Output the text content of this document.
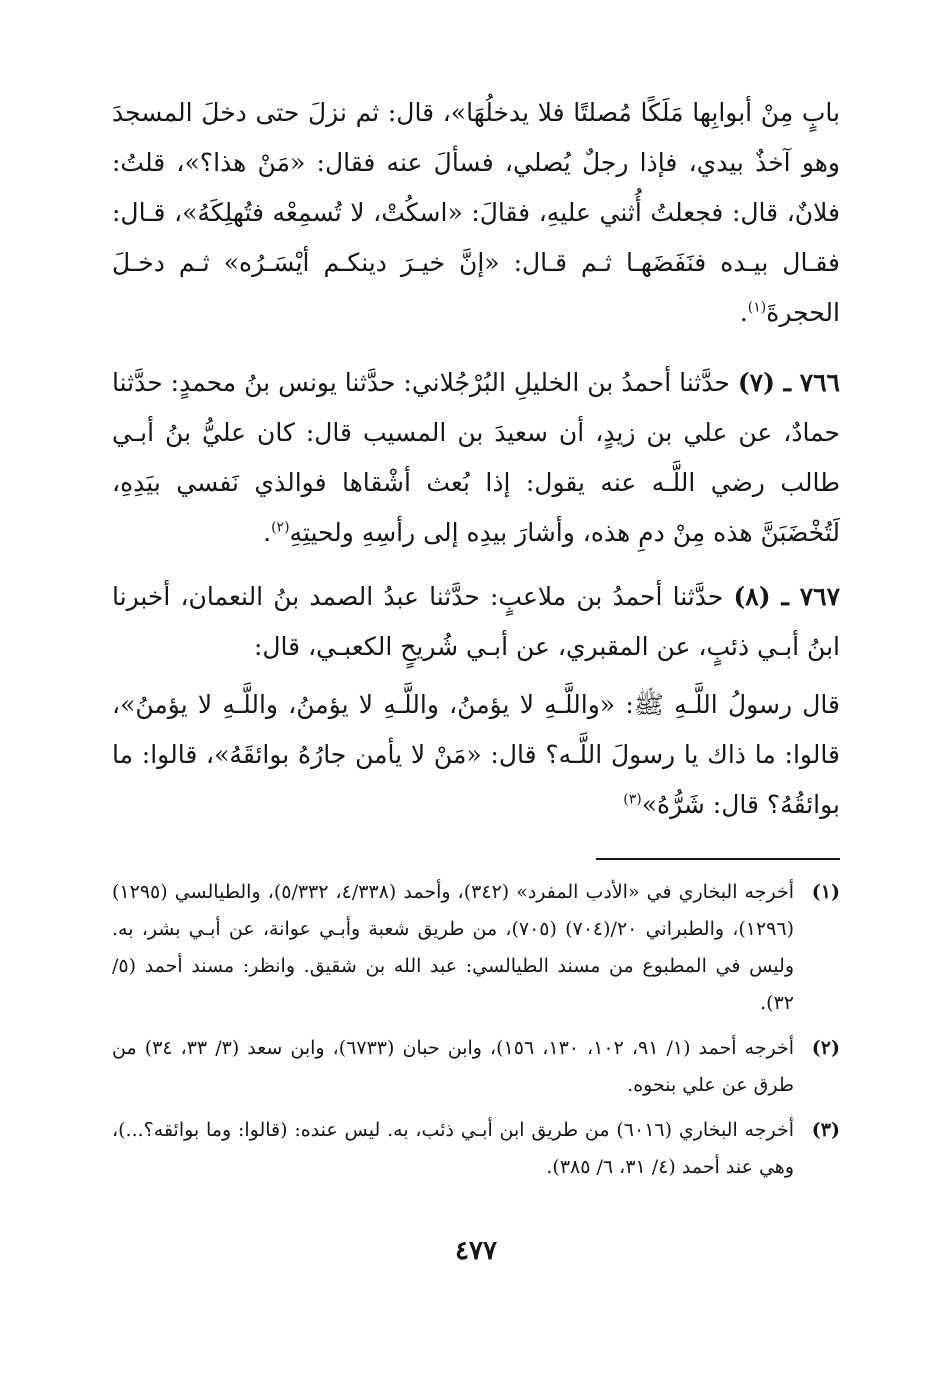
بابٍ مِنْ أبوابِها مَلَكًا مُصلتًا فلا يدخلُهَا»، قال: ثم نزلَ حتى دخلَ المسجدَ وهو آخذٌ بيدي، فإذا رجلٌ يُصلي، فسألَ عنه فقال: «مَنْ هذا؟»، قلتُ: فلانٌ، قال: فجعلتُ أُثني عليهِ، فقالَ: «اسكُتْ، لا تُسمِعْه فتُهلِكَهُ»، قـال: فقـال بيـده فنَفَضَهـا ثـم قـال: «إنَّ خيـرَ دينكـم أيْسَـرُه» ثـم دخـلَ الحجرةَ$^{(١)}$.

٧٦٦ ـ (٧) حدَّثنا أحمدُ بن الخليلِ البُرْجُلاني: حدَّثنا يونس بنُ محمدٍ: حدَّثنا حمادٌ، عن علي بن زيدٍ، أن سعيدَ بن المسيب قال: كان عليُّ بنُ أبـي طالب رضي اللَّـه عنه يقول: إذا بُعث أشْقاها فوالذي نَفسي بيَدِهِ، لَتُخْضَبَنَّ هذه مِنْ دمِ هذه، وأشارَ بيدِه إلى رأسِهِ ولحيتِهِ$^{(٢)}$.

٧٦٧ ـ (٨) حدَّثنا أحمدُ بن ملاعبٍ: حدَّثنا عبدُ الصمد بنُ النعمان، أخبرنا ابنُ أبـي ذئبٍ، عن المقبري، عن أبـي شُريحٍ الكعبـي، قال:

قال رسولُ اللَّـهِ ﷺ: «واللَّـهِ لا يؤمنُ، واللَّـهِ لا يؤمنُ، واللَّـهِ لا يؤمنُ»، قالوا: ما ذاك يا رسولَ اللَّـه؟ قال: «مَنْ لا يأمن جارُهُ بوائقَهُ»، قالوا: ما بوائقُهُ؟ قال: شَرُّهُ»$^{(٣)}$

(١)
أخرجه البخاري في «الأدب المفرد» (٣٤٢)، وأحمد (٤/٣٣٨، ٥/٣٣٢)، والطيالسي (١٢٩٥) (١٢٩٦)، والطبراني ٢٠/(٧٠٤) (٧٠٥)، من طريق شعبة وأبـي عوانة، عن أبـي بشر، به. وليس في المطبوع من مسند الطيالسي: عبد الله بن شقيق. وانظر: مسند أحمد (٥/ ٣٢).
(٢)
أخرجه أحمد (١/ ٩١، ١٠٢، ١٣٠، ١٥٦)، وابن حبان (٦٧٣٣)، وابن سعد (٣/ ٣٣، ٣٤) من طرق عن علي بنحوه.
(٣)
أخرجه البخاري (٦٠١٦) من طريق ابن أبـي ذئب، به. ليس عنده: (قالوا: وما بوائقه؟...)، وهي عند أحمد (٤/ ٣١، ٦/ ٣٨٥).
٤٧٧
